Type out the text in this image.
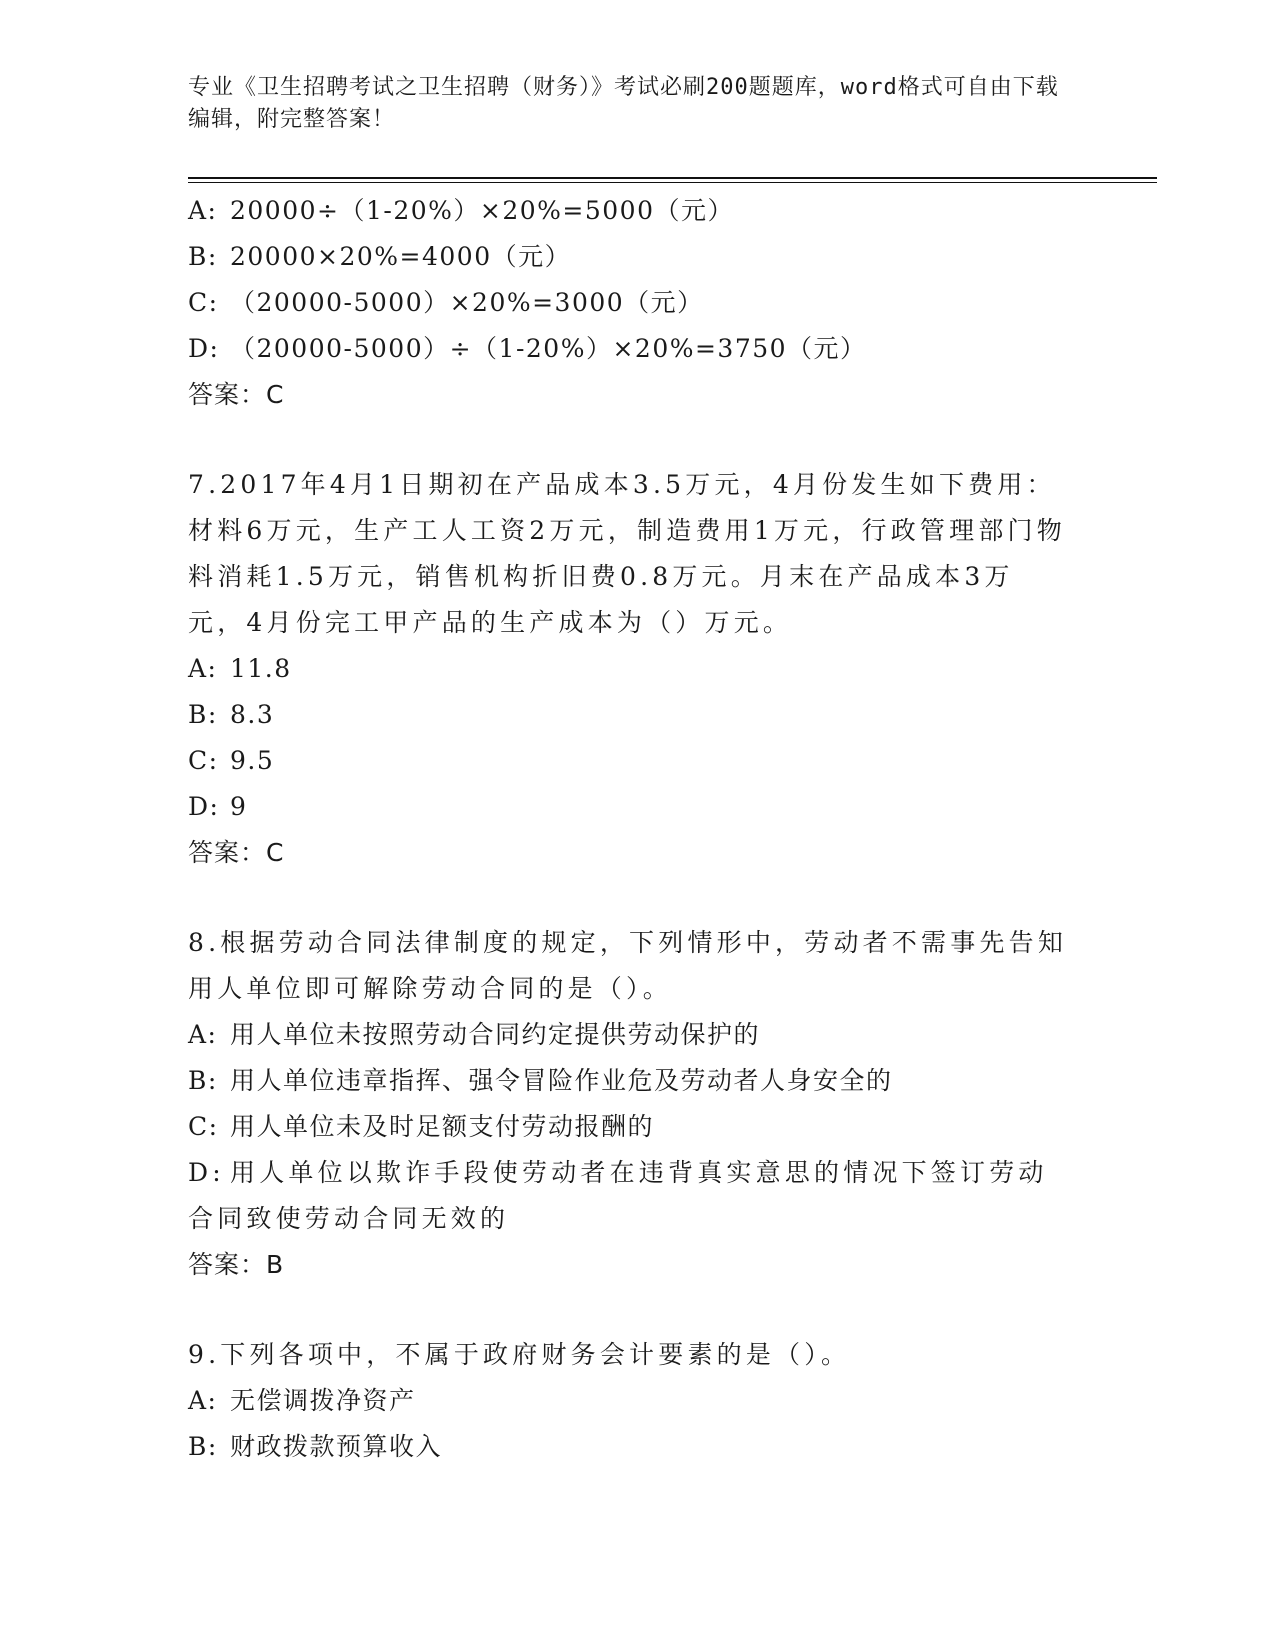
专业《卫生招聘考试之卫生招聘（财务）》考试必刷200题题库，word格式可自由下载编辑，附完整答案！
A: 20000÷（1-20%）×20%=5000（元）
B: 20000×20%=4000（元）
C: （20000-5000）×20%=3000（元）
D: （20000-5000）÷（1-20%）×20%=3750（元）
答案：C
7.2017年4月1日期初在产品成本3.5万元，4月份发生如下费用：材料6万元，生产工人工资2万元，制造费用1万元，行政管理部门物料消耗1.5万元，销售机构折旧费0.8万元。月末在产品成本3万元，4月份完工甲产品的生产成本为（）万元。
A: 11.8
B: 8.3
C: 9.5
D: 9
答案：C
8.根据劳动合同法律制度的规定，下列情形中，劳动者不需事先告知用人单位即可解除劳动合同的是（）。
A: 用人单位未按照劳动合同约定提供劳动保护的
B: 用人单位违章指挥、强令冒险作业危及劳动者人身安全的
C: 用人单位未及时足额支付劳动报酬的
D: 用人单位以欺诈手段使劳动者在违背真实意思的情况下签订劳动合同致使劳动合同无效的
答案：B
9.下列各项中，不属于政府财务会计要素的是（）。
A: 无偿调拨净资产
B: 财政拨款预算收入
